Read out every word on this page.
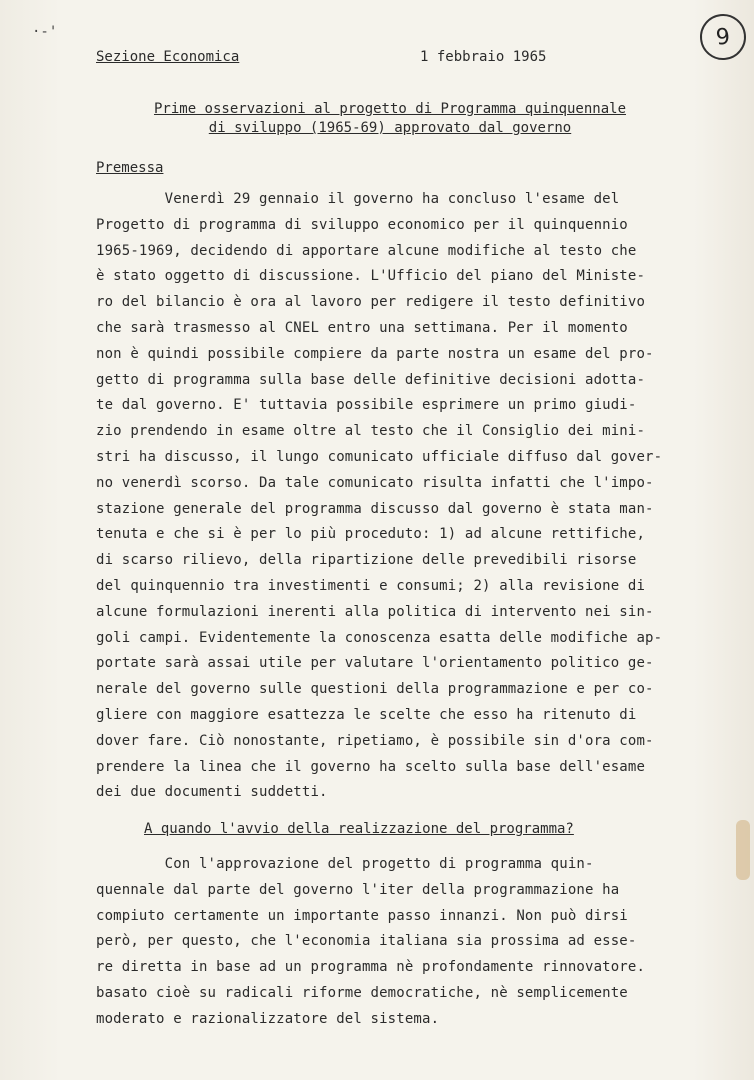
·-'	9
Sezione Economica	1 febbraio 1965
Prime osservazioni al progetto di Programma quinquennale
di sviluppo (1965-69) approvato dal governo
Premessa
Venerdì 29 gennaio il governo ha concluso l'esame del
Progetto di programma di sviluppo economico per il quinquennio
1965-1969, decidendo di apportare alcune modifiche al testo che
è stato oggetto di discussione. L'Ufficio del piano del Ministe-
ro del bilancio è ora al lavoro per redigere il testo definitivo
che sarà trasmesso al CNEL entro una settimana. Per il momento
non è quindi possibile compiere da parte nostra un esame del pro-
getto di programma sulla base delle definitive decisioni adotta-
te dal governo. E' tuttavia possibile esprimere un primo giudi-
zio prendendo in esame oltre al testo che il Consiglio dei mini-
stri ha discusso, il lungo comunicato ufficiale diffuso dal gover-
no venerdì scorso. Da tale comunicato risulta infatti che l'impo-
stazione generale del programma discusso dal governo è stata man-
tenuta e che si è per lo più proceduto: 1) ad alcune rettifiche,
di scarso rilievo, della ripartizione delle prevedibili risorse
del quinquennio tra investimenti e consumi; 2) alla revisione di
alcune formulazioni inerenti alla politica di intervento nei sin-
goli campi. Evidentemente la conoscenza esatta delle modifiche ap-
portate sarà assai utile per valutare l'orientamento politico ge-
nerale del governo sulle questioni della programmazione e per co-
gliere con maggiore esattezza le scelte che esso ha ritenuto di
dover fare. Ciò nonostante, ripetiamo, è possibile sin d'ora com-
prendere la linea che il governo ha scelto sulla base dell'esame
dei due documenti suddetti.
A quando l'avvio della realizzazione del programma?
Con l'approvazione del progetto di programma quin-
quennale dal parte del governo l'iter della programmazione ha
compiuto certamente un importante passo innanzi. Non può dirsi
però, per questo, che l'economia italiana sia prossima ad esse-
re diretta in base ad un programma nè profondamente rinnovatore.
basato cioè su radicali riforme democratiche, nè semplicemente
moderato e razionalizzatore del sistema.
